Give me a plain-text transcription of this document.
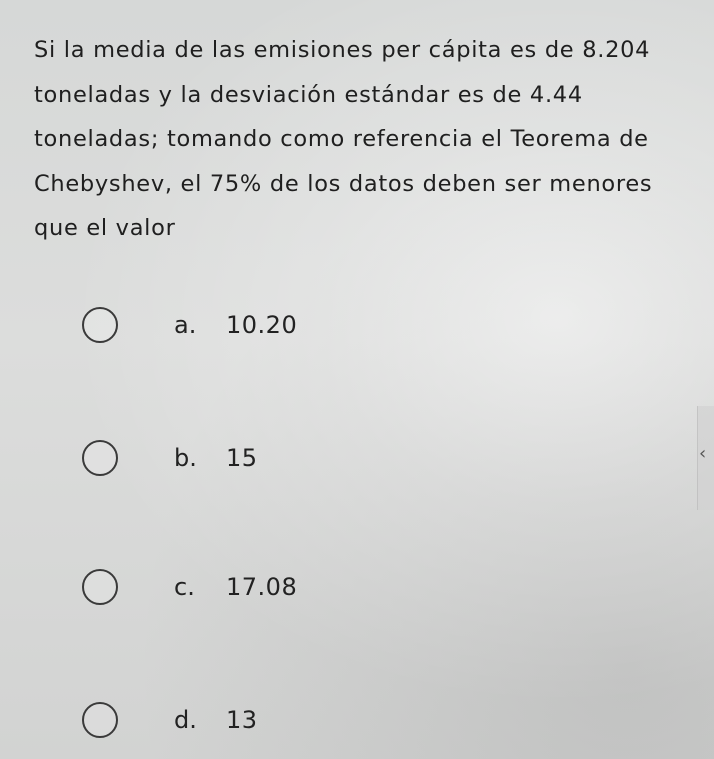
Si la media de las emisiones per cápita es de 8.204 toneladas y la desviación estándar es de 4.44 toneladas; tomando como referencia el Teorema de Chebyshev, el 75% de los datos deben ser menores que el valor

a. 10.20
b. 15
c. 17.08
d. 13
‹
